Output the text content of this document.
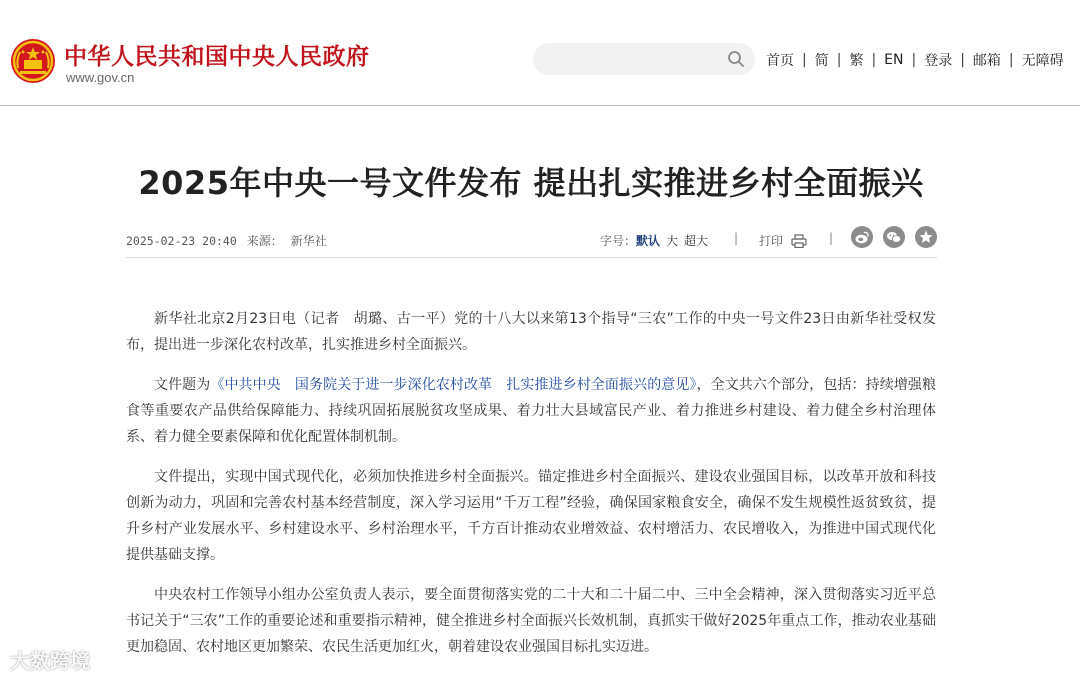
中华人民共和国中央人民政府
www.gov.cn
首页 | 简 | 繁 | EN | 登录 | 邮箱 | 无障碍
2025年中央一号文件发布 提出扎实推进乡村全面振兴
2025-02-23 20:40 来源： 新华社	字号：默认 大 超大 | 打印	|

新华社北京2月23日电（记者　胡璐、古一平）党的十八大以来第13个指导“三农”工作的中央一号文件23日由新华社受权发布，提出进一步深化农村改革，扎实推进乡村全面振兴。

文件题为《中共中央　国务院关于进一步深化农村改革　扎实推进乡村全面振兴的意见》，全文共六个部分，包括：持续增强粮食等重要农产品供给保障能力、持续巩固拓展脱贫攻坚成果、着力壮大县域富民产业、着力推进乡村建设、着力健全乡村治理体系、着力健全要素保障和优化配置体制机制。

文件提出，实现中国式现代化，必须加快推进乡村全面振兴。锚定推进乡村全面振兴、建设农业强国目标，以改革开放和科技创新为动力，巩固和完善农村基本经营制度，深入学习运用“千万工程”经验，确保国家粮食安全，确保不发生规模性返贫致贫，提升乡村产业发展水平、乡村建设水平、乡村治理水平，千方百计推动农业增效益、农村增活力、农民增收入，为推进中国式现代化提供基础支撑。

中央农村工作领导小组办公室负责人表示，要全面贯彻落实党的二十大和二十届二中、三中全会精神，深入贯彻落实习近平总书记关于“三农”工作的重要论述和重要指示精神，健全推进乡村全面振兴长效机制，真抓实干做好2025年重点工作，推动农业基础更加稳固、农村地区更加繁荣、农民生活更加红火，朝着建设农业强国目标扎实迈进。

大数跨境
